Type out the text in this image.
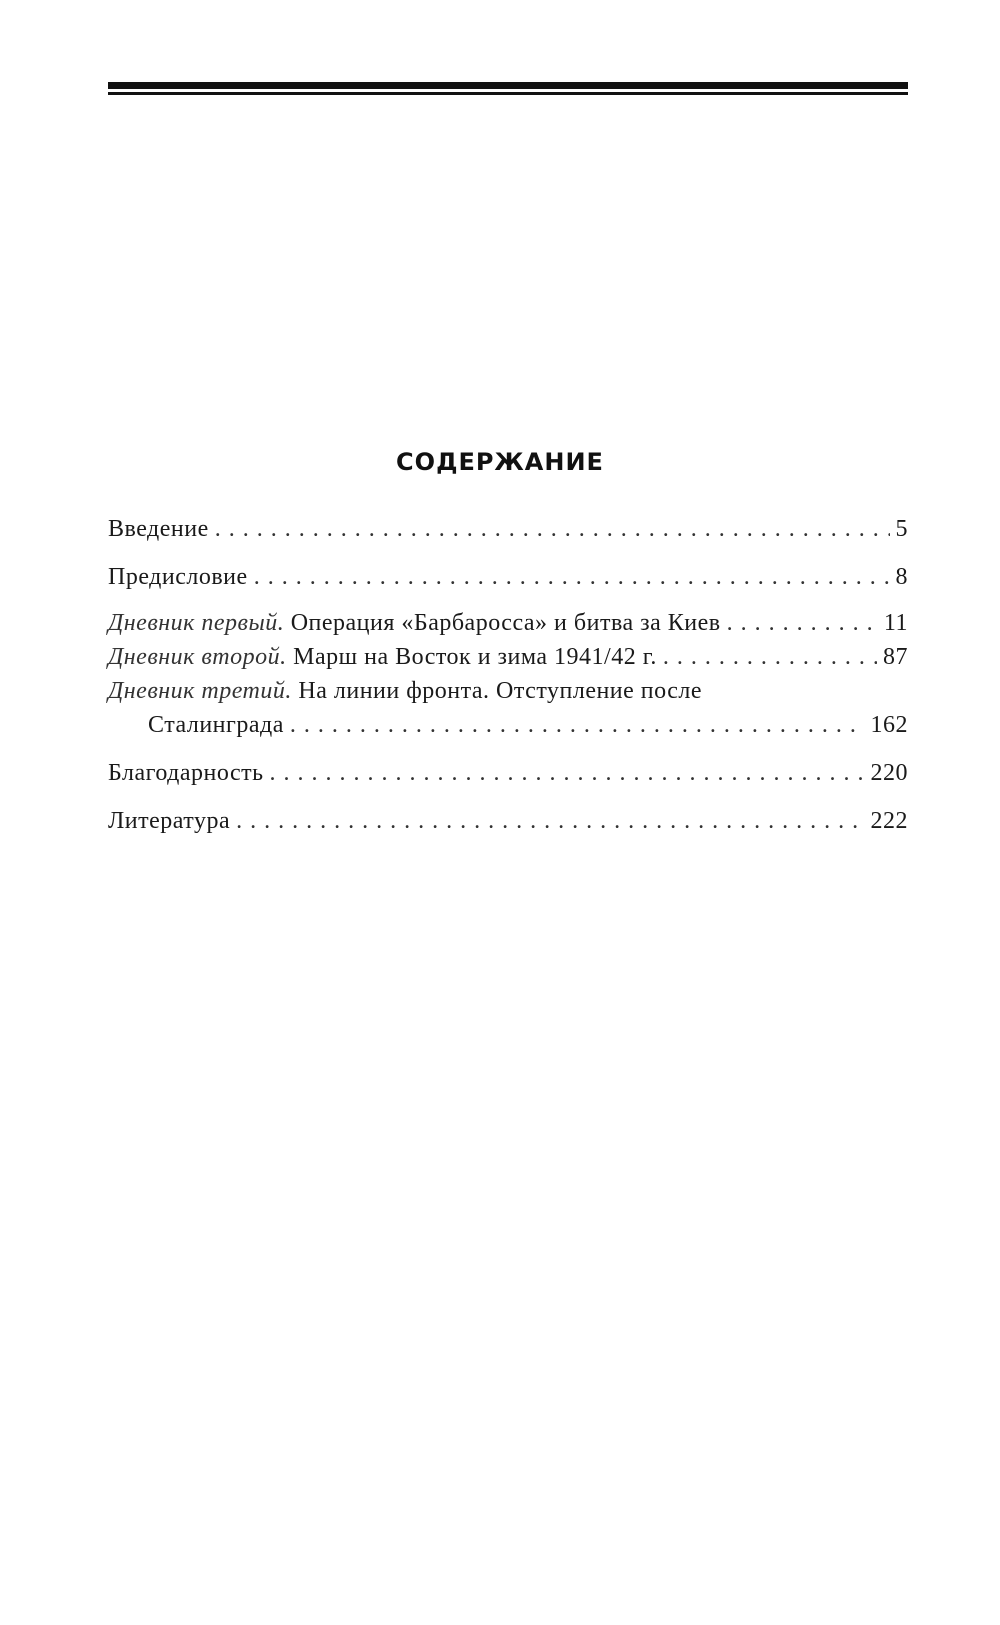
СОДЕРЖАНИЕ
Введение . . .	5
Предисловие . . .	8
Дневник первый. Операция «Барбаросса» и битва за Киев . . .	11
Дневник второй. Марш на Восток и зима 1941/42 г. . . .	87
Дневник третий. На линии фронта. Отступление после
Сталинграда . . .	162
Благодарность . . .	220
Литература . . .	222
